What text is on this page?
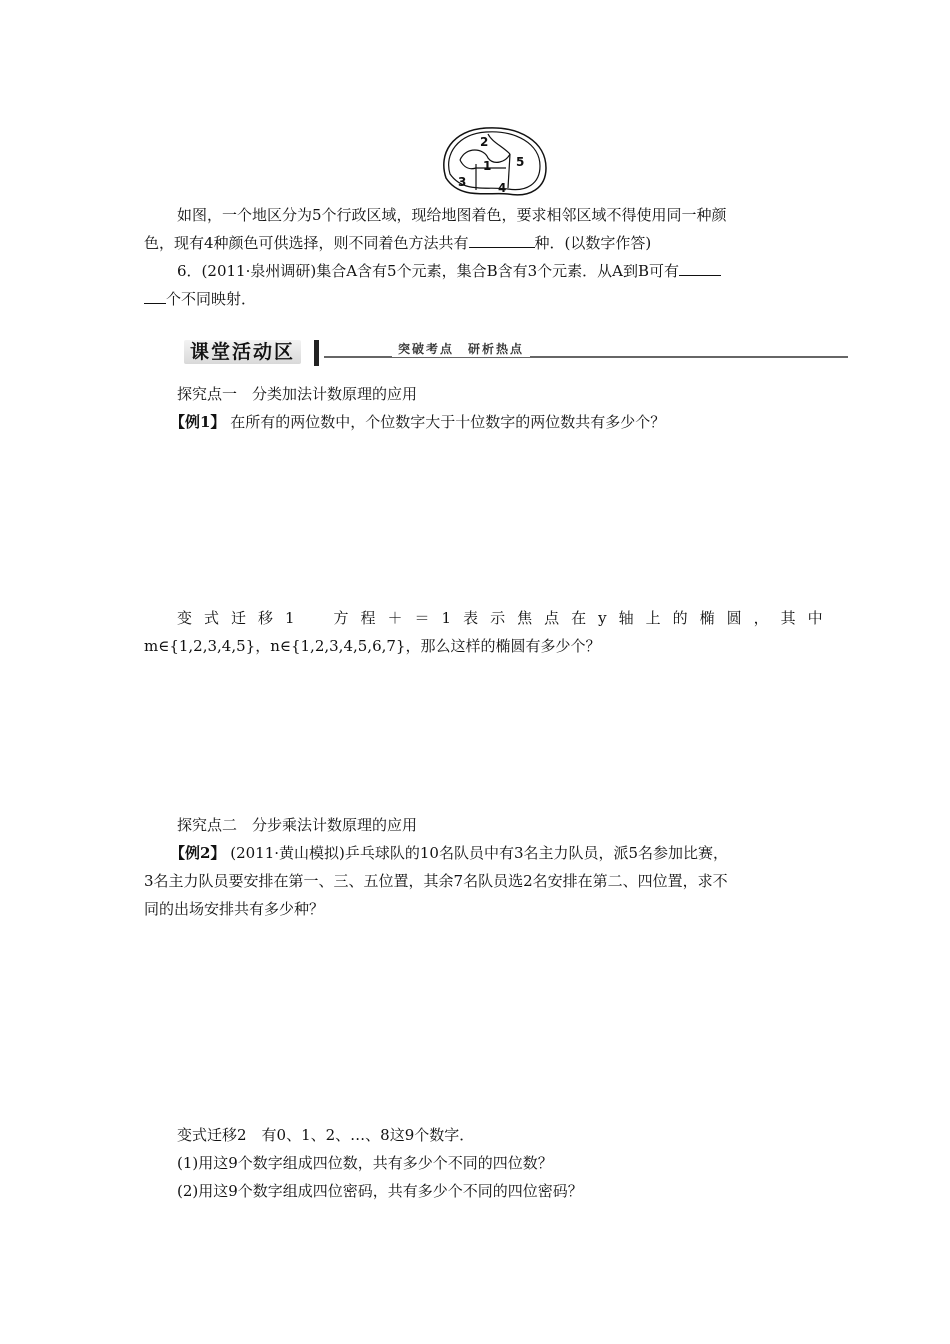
1
2
3	4
5
如图，一个地区分为5个行政区域，现给地图着色，要求相邻区域不得使用同一种颜
色，现有4种颜色可供选择，则不同着色方法共有	种．(以数字作答)
6．(2011·泉州调研)集合A含有5个元素，集合B含有3个元素．从A到B可有
个不同映射．
课堂活动区	突破考点　研析热点
探究点一　分类加法计数原理的应用
【例1】 在所有的两位数中，个位数字大于十位数字的两位数共有多少个？
变式迁移1　方程＋＝1表示焦点在y轴上的椭圆，其中
m∈{1,2,3,4,5}，n∈{1,2,3,4,5,6,7}，那么这样的椭圆有多少个？
探究点二　分步乘法计数原理的应用
【例2】 (2011·黄山模拟)乒乓球队的10名队员中有3名主力队员，派5名参加比赛，
3名主力队员要安排在第一、三、五位置，其余7名队员选2名安排在第二、四位置，求不
同的出场安排共有多少种？
变式迁移2　有0、1、2、…、8这9个数字．
(1)用这9个数字组成四位数，共有多少个不同的四位数？
(2)用这9个数字组成四位密码，共有多少个不同的四位密码？
